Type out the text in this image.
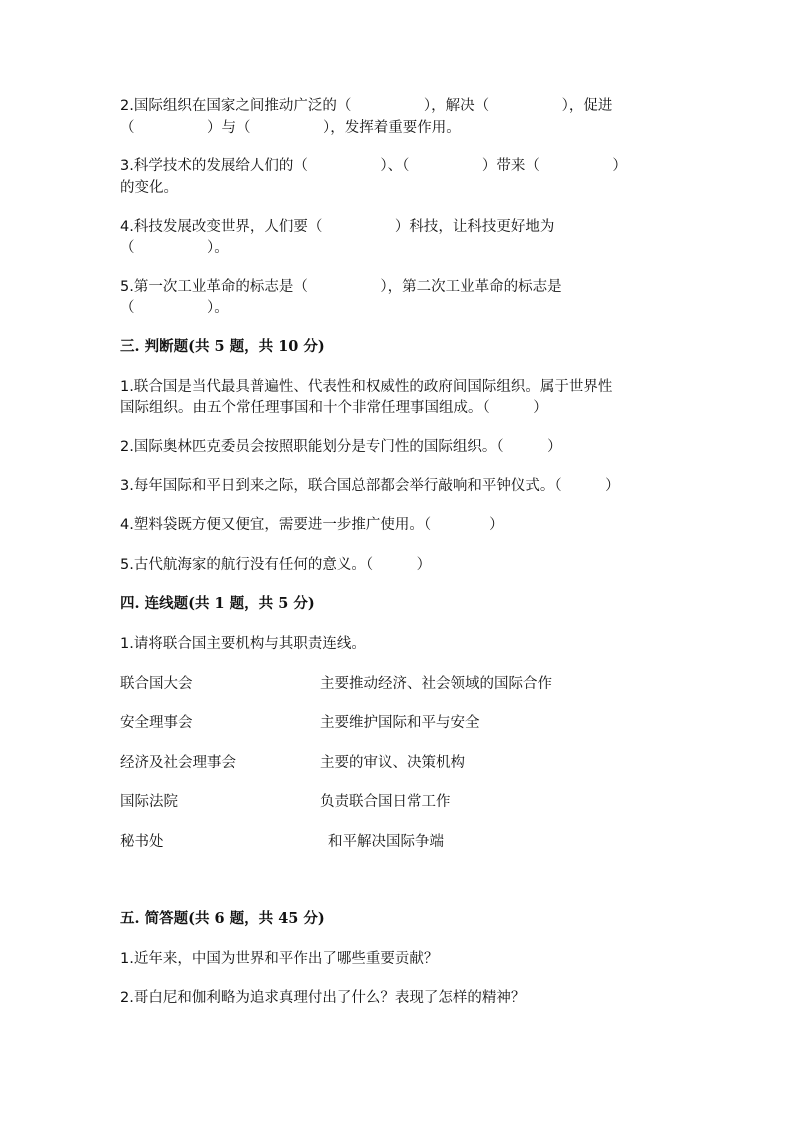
2.国际组织在国家之间推动广泛的（　　　　　），解决（　　　　　），促进
（　　　　　）与（　　　　　），发挥着重要作用。
3.科学技术的发展给人们的（　　　　　）、（　　　　　）带来（　　　　　）
的变化。
4.科技发展改变世界，人们要（　　　　　）科技，让科技更好地为
（　　　　　）。
5.第一次工业革命的标志是（　　　　　），第二次工业革命的标志是
（　　　　　）。
三. 判断题(共 5 题，共 10 分)
1.联合国是当代最具普遍性、代表性和权威性的政府间国际组织。属于世界性
国际组织。由五个常任理事国和十个非常任理事国组成。（　　　）
2.国际奥林匹克委员会按照职能划分是专门性的国际组织。（　　　）
3.每年国际和平日到来之际，联合国总部都会举行敲响和平钟仪式。（　　　）
4.塑料袋既方便又便宜，需要进一步推广使用。（　　　　）
5.古代航海家的航行没有任何的意义。（　　　）
四. 连线题(共 1 题，共 5 分)
1.请将联合国主要机构与其职责连线。
联合国大会	主要推动经济、社会领域的国际合作
安全理事会	主要维护国际和平与安全
经济及社会理事会	主要的审议、决策机构
国际法院	负责联合国日常工作
秘书处	和平解决国际争端
五. 简答题(共 6 题，共 45 分)
1.近年来，中国为世界和平作出了哪些重要贡献？
2.哥白尼和伽利略为追求真理付出了什么？表现了怎样的精神？
